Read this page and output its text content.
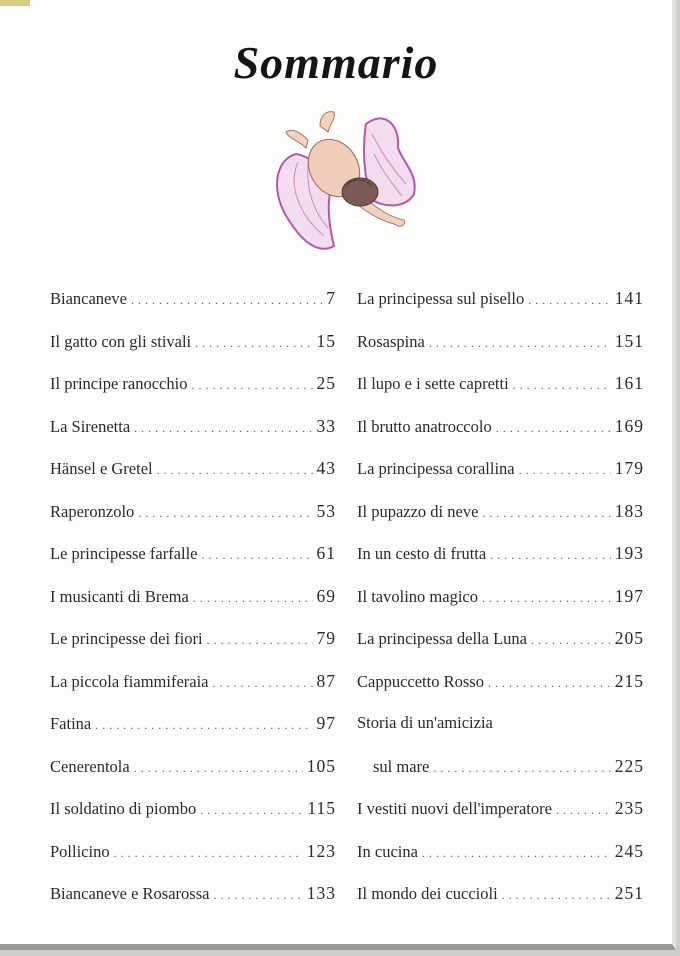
Sommario
Biancaneve . . .	7
Il gatto con gli stivali . . .	15
Il principe ranocchio . . .	25
La Sirenetta . . .	33
Hänsel e Gretel . . .	43
Raperonzolo . . .	53
Le principesse farfalle . . .	61
I musicanti di Brema . . .	69
Le principesse dei fiori . . .	79
La piccola fiammiferaia . . .	87
Fatina . . .	97
Cenerentola . . .	105
Il soldatino di piombo . . .	115
Pollicino . . .	123
Biancaneve e Rosarossa . . .	133
La principessa sul pisello . . .	141
Rosaspina . . .	151
Il lupo e i sette capretti . . .	161
Il brutto anatroccolo . . .	169
La principessa corallina . . .	179
Il pupazzo di neve . . .	183
In un cesto di frutta . . .	193
Il tavolino magico . . .	197
La principessa della Luna . . .	205
Cappuccetto Rosso . . .	215
Storia di un'amicizia
sul mare . . .	225
I vestiti nuovi dell'imperatore . . .	235
In cucina . . .	245
Il mondo dei cuccioli . . .	251
